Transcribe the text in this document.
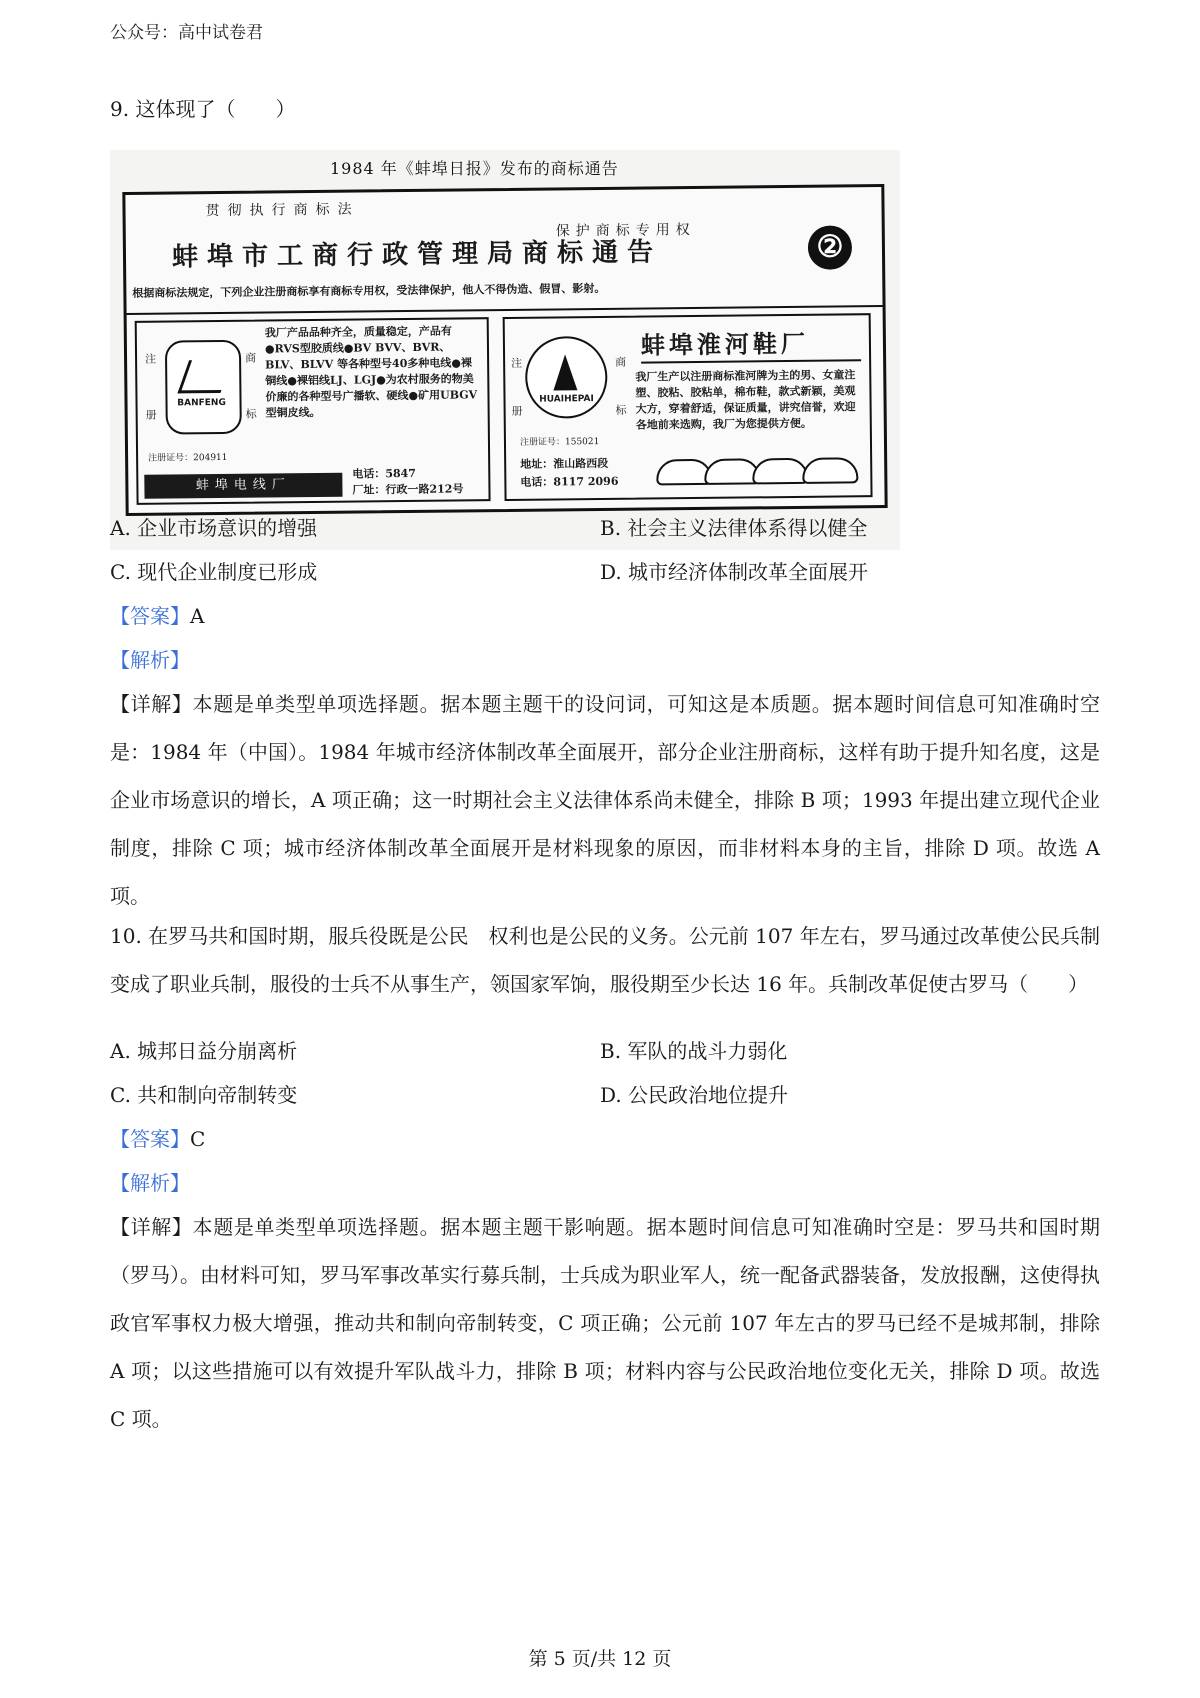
公众号：高中试卷君
9. 这体现了（　　）
1984 年《蚌埠日报》发布的商标通告
贯彻执行商标法
保护商标专用权
蚌埠市工商行政管理局商标通告	②
根据商标法规定，下列企业注册商标享有商标专用权，受法律保护，他人不得伪造、假冒、影射。
注	商
册	标
BANFENG
我厂产品品种齐全，质量稳定，产品有●RVS型胶质线●BV BVV、BVR、BLV、BLVV 等各种型号40多种电线●裸铜线●裸铝线LJ、LGJ●为农村服务的物美价廉的各种型号广播软、硬线●矿用UBGV型铜皮线。
注册证号：204911
蚌埠电线厂
电话：5847
厂址：行政一路212号
注	商
册	标
HUAIHEPAI
蚌埠淮河鞋厂
我厂生产以注册商标淮河牌为主的男、女童注塑、胶粘、胶粘单，棉布鞋，款式新颖，美观大方，穿着舒适，保证质量，讲究信誉，欢迎各地前来选购，我厂为您提供方便。
注册证号：155021
地址：淮山路西段
电话：8117 2096
A. 企业市场意识的增强	B. 社会主义法律体系得以健全
C. 现代企业制度已形成	D. 城市经济体制改革全面展开
【答案】A
【解析】
【详解】本题是单类型单项选择题。据本题主题干的设问词，可知这是本质题。据本题时间信息可知准确时空是：1984 年（中国）。1984 年城市经济体制改革全面展开，部分企业注册商标，这样有助于提升知名度，这是企业市场意识的增长，A 项正确；这一时期社会主义法律体系尚未健全，排除 B 项；1993 年提出建立现代企业制度，排除 C 项；城市经济体制改革全面展开是材料现象的原因，而非材料本身的主旨，排除 D 项。故选 A 项。
10. 在罗马共和国时期，服兵役既是公民　权利也是公民的义务。公元前 107 年左右，罗马通过改革使公民兵制变成了职业兵制，服役的士兵不从事生产，领国家军饷，服役期至少长达 16 年。兵制改革促使古罗马（　　）
A. 城邦日益分崩离析	B. 军队的战斗力弱化
C. 共和制向帝制转变	D. 公民政治地位提升
【答案】C
【解析】
【详解】本题是单类型单项选择题。据本题主题干影响题。据本题时间信息可知准确时空是：罗马共和国时期（罗马）。由材料可知，罗马军事改革实行募兵制，士兵成为职业军人，统一配备武器装备，发放报酬，这使得执政官军事权力极大增强，推动共和制向帝制转变，C 项正确；公元前 107 年左古的罗马已经不是城邦制，排除 A 项；以这些措施可以有效提升军队战斗力，排除 B 项；材料内容与公民政治地位变化无关，排除 D 项。故选 C 项。
第 5 页/共 12 页
